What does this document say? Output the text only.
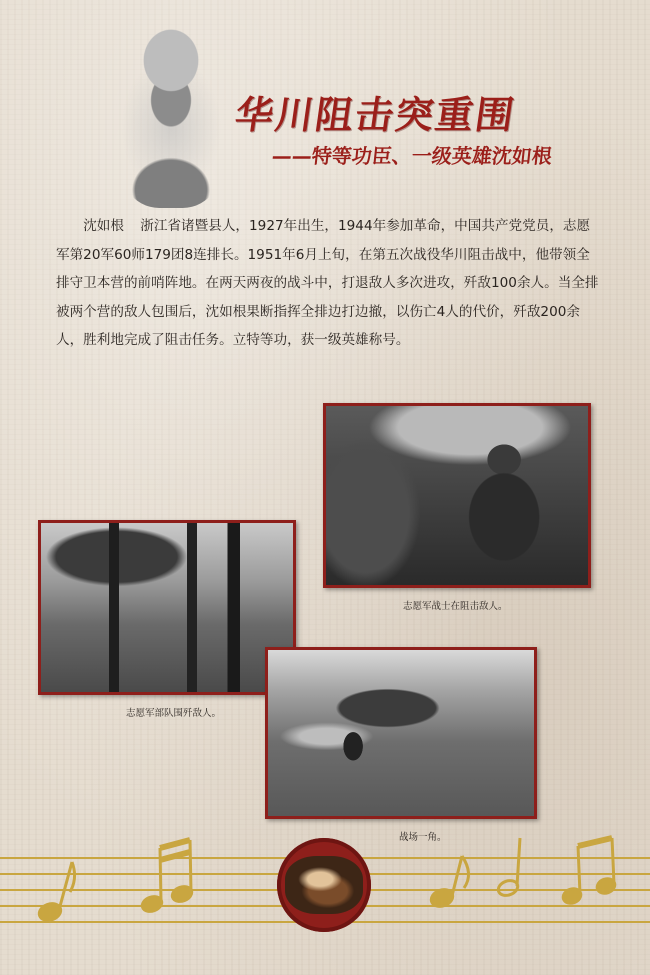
华川阻击突重围
——特等功臣、一级英雄沈如根

沈如根 浙江省诸暨县人，1927年出生，1944年参加革命，中国共产党党员，志愿军第20军60师179团8连排长。1951年6月上旬，在第五次战役华川阻击战中，他带领全排守卫本营的前哨阵地。在两天两夜的战斗中，打退敌人多次进攻，歼敌100余人。当全排被两个营的敌人包围后，沈如根果断指挥全排边打边撤，以伤亡4人的代价，歼敌200余人，胜利地完成了阻击任务。立特等功，获一级英雄称号。

志愿军战士在阻击敌人。
志愿军部队围歼敌人。
战场一角。
